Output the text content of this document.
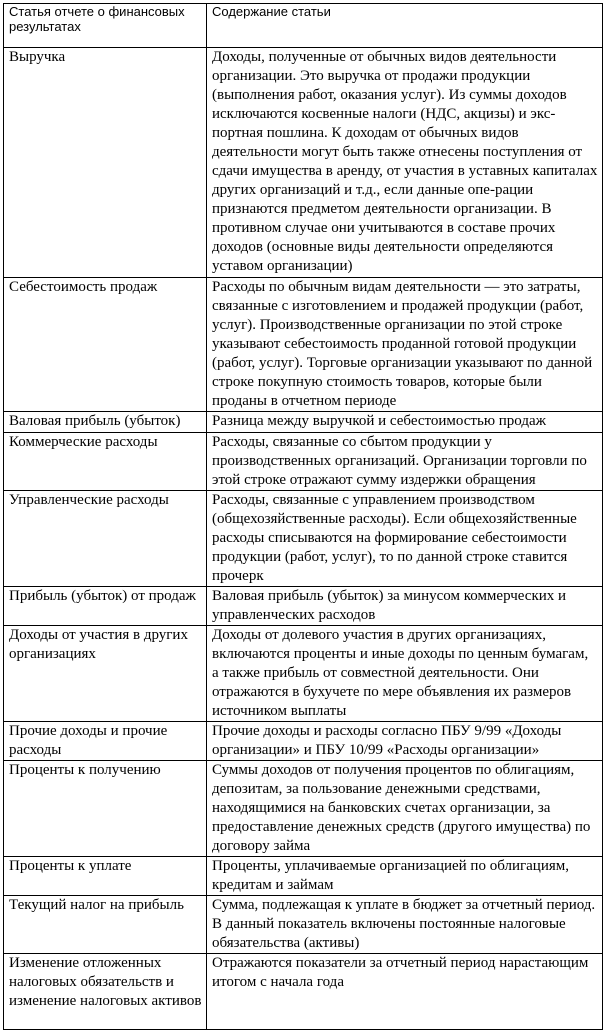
Статья отчете о финансовых результатах	Содержание статьи
Выручка	Доходы, полученные от обычных видов деятельности организации. Это выручка от продажи продукции (выполнения работ, оказания услуг). Из суммы доходов исключаются косвенные налоги (НДС, акцизы) и экс-портная пошлина. К доходам от обычных видов деятельности могут быть также отнесены поступления от сдачи имущества в аренду, от участия в уставных капиталах других организаций и т.д., если данные опе-рации признаются предметом деятельности организации. В противном случае они учитываются в составе прочих доходов (основные виды деятельности определяются уставом организации)
Себестоимость продаж	Расходы по обычным видам деятельности — это затраты, связанные с изготовлением и продажей продукции (работ, услуг). Производственные организации по этой строке указывают себестоимость проданной готовой продукции (работ, услуг). Торговые организации указывают по данной строке покупную стоимость товаров, которые были проданы в отчетном периоде
Валовая прибыль (убыток)	Разница между выручкой и себестоимостью продаж
Коммерческие расходы	Расходы, связанные со сбытом продукции у производственных организаций. Организации торговли по этой строке отражают сумму издержки обращения
Управленческие расходы	Расходы, связанные с управлением производством (общехозяйственные расходы). Если общехозяйственные расходы списываются на формирование себестоимости продукции (работ, услуг), то по данной строке ставится прочерк
Прибыль (убыток) от продаж	Валовая прибыль (убыток) за минусом коммерческих и управленческих расходов
Доходы от участия в других организациях	Доходы от долевого участия в других организациях, включаются проценты и иные доходы по ценным бумагам, а также прибыль от совместной деятельности. Они отражаются в бухучете по мере объявления их размеров источником выплаты
Прочие доходы и прочие расходы	Прочие доходы и расходы согласно ПБУ 9/99 «Доходы организации» и ПБУ 10/99 «Расходы организации»
Проценты к получению	Суммы доходов от получения процентов по облигациям, депозитам, за пользование денежными средствами, находящимися на банковских счетах организации, за предоставление денежных средств (другого имущества) по договору займа
Проценты к уплате	Проценты, уплачиваемые организацией по облигациям, кредитам и займам
Текущий налог на прибыль	Сумма, подлежащая к уплате в бюджет за отчетный период. В данный показатель включены постоянные налоговые обязательства (активы)
Изменение отложенных налоговых обязательств и изменение налоговых активов	Отражаются показатели за отчетный период нарастающим итогом с начала года
